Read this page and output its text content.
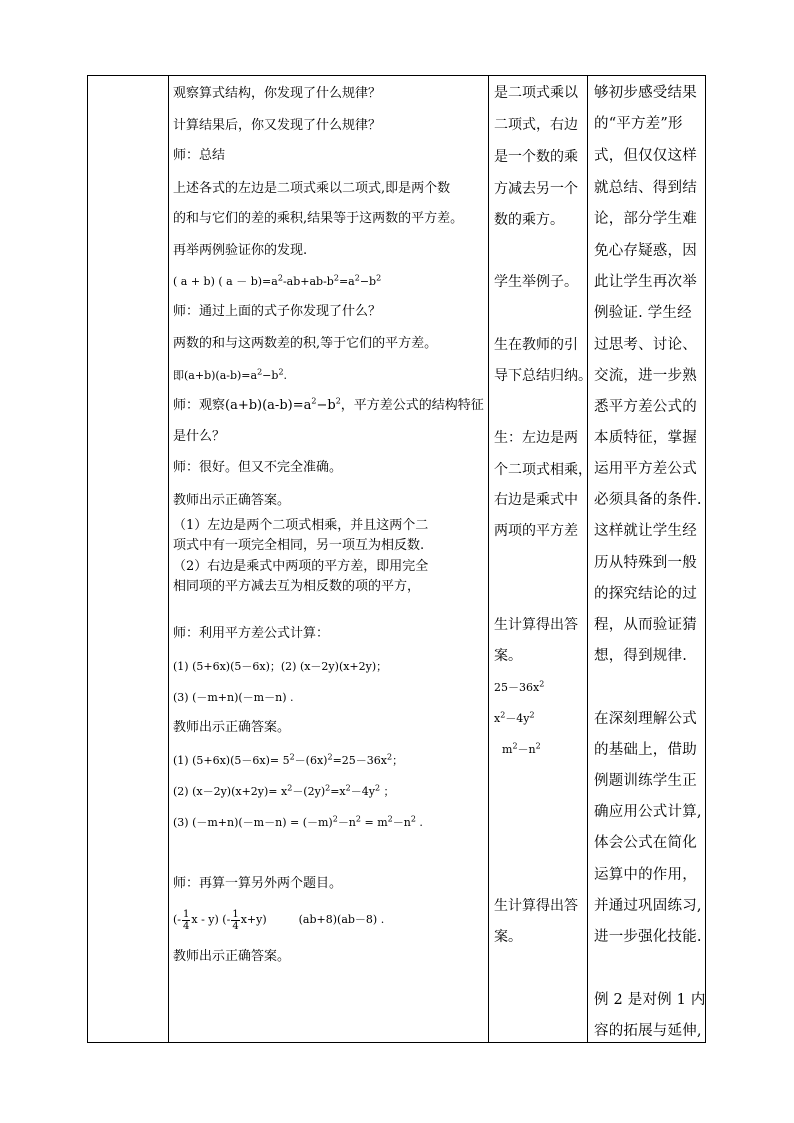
观察算式结构，你发现了什么规律？
计算结果后，你又发现了什么规律？
师：总结
上述各式的左边是二项式乘以二项式,即是两个数
的和与它们的差的乘积,结果等于这两数的平方差。
再举两例验证你的发现.
( a + b) ( $a - b)=a^2-ab+ab-b^2=a^2-b^2$
师：通过上面的式子你发现了什么？
两数的和与这两数差的积,等于它们的平方差。
即$(a+b)(a-b)=a^2-b^2$.
师：观察$(a+b)(a-b)=a^2-b^2$，平方差公式的结构特征
是什么？
师：很好。但又不完全准确。
教师出示正确答案。
（1）左边是两个二项式相乘，并且这两个二
项式中有一项完全相同，另一项互为相反数.
（2）右边是乘式中两项的平方差，即用完全
相同项的平方减去互为相反数的项的平方，
师：利用平方差公式计算：
(1) (5+6x)(5－6x)；(2) (x－2y)(x+2y)；
(3) (－m+n)(－m－n) .
教师出示正确答案。
(1) $(5+6x)(5-6x)= 5^2-(6x)^2=25-36x^2$；
(2) $(x-2y)(x+2y)= x^2-(2y)^2=x^2-4y^2$ ；
(3) $(-m+n)(-m-n) = (-m)^2-n^2 = m^2-n^2$ .
师：再算一算另外两个题目。
(- $\frac{1}{4}$ x - y) (- $\frac{1}{4} x+y$)	(ab+8)(ab－8) .
教师出示正确答案。
是二项式乘以
二项式，右边
是一个数的乘
方减去另一个
数的乘方。
学生举例子。
生在教师的引
导下总结归纳。
生：左边是两
个二项式相乘，
右边是乘式中
两项的平方差
生计算得出答
案。
$25-36x^2$
$x^2-4y^2$
$m^2-n^2$
生计算得出答
案。
够初步感受结果
的“平方差”形
式，但仅仅这样
就总结、得到结
论，部分学生难
免心存疑惑，因
此让学生再次举
例验证. 学生经
过思考、讨论、
交流，进一步熟
悉平方差公式的
本质特征，掌握
运用平方差公式
必须具备的条件.
这样就让学生经
历从特殊到一般
的探究结论的过
程，从而验证猜
想，得到规律.
在深刻理解公式
的基础上，借助
例题训练学生正
确应用公式计算,
体会公式在简化
运算中的作用，
并通过巩固练习,
进一步强化技能.
例 2 是对例 1 内
容的拓展与延伸,
